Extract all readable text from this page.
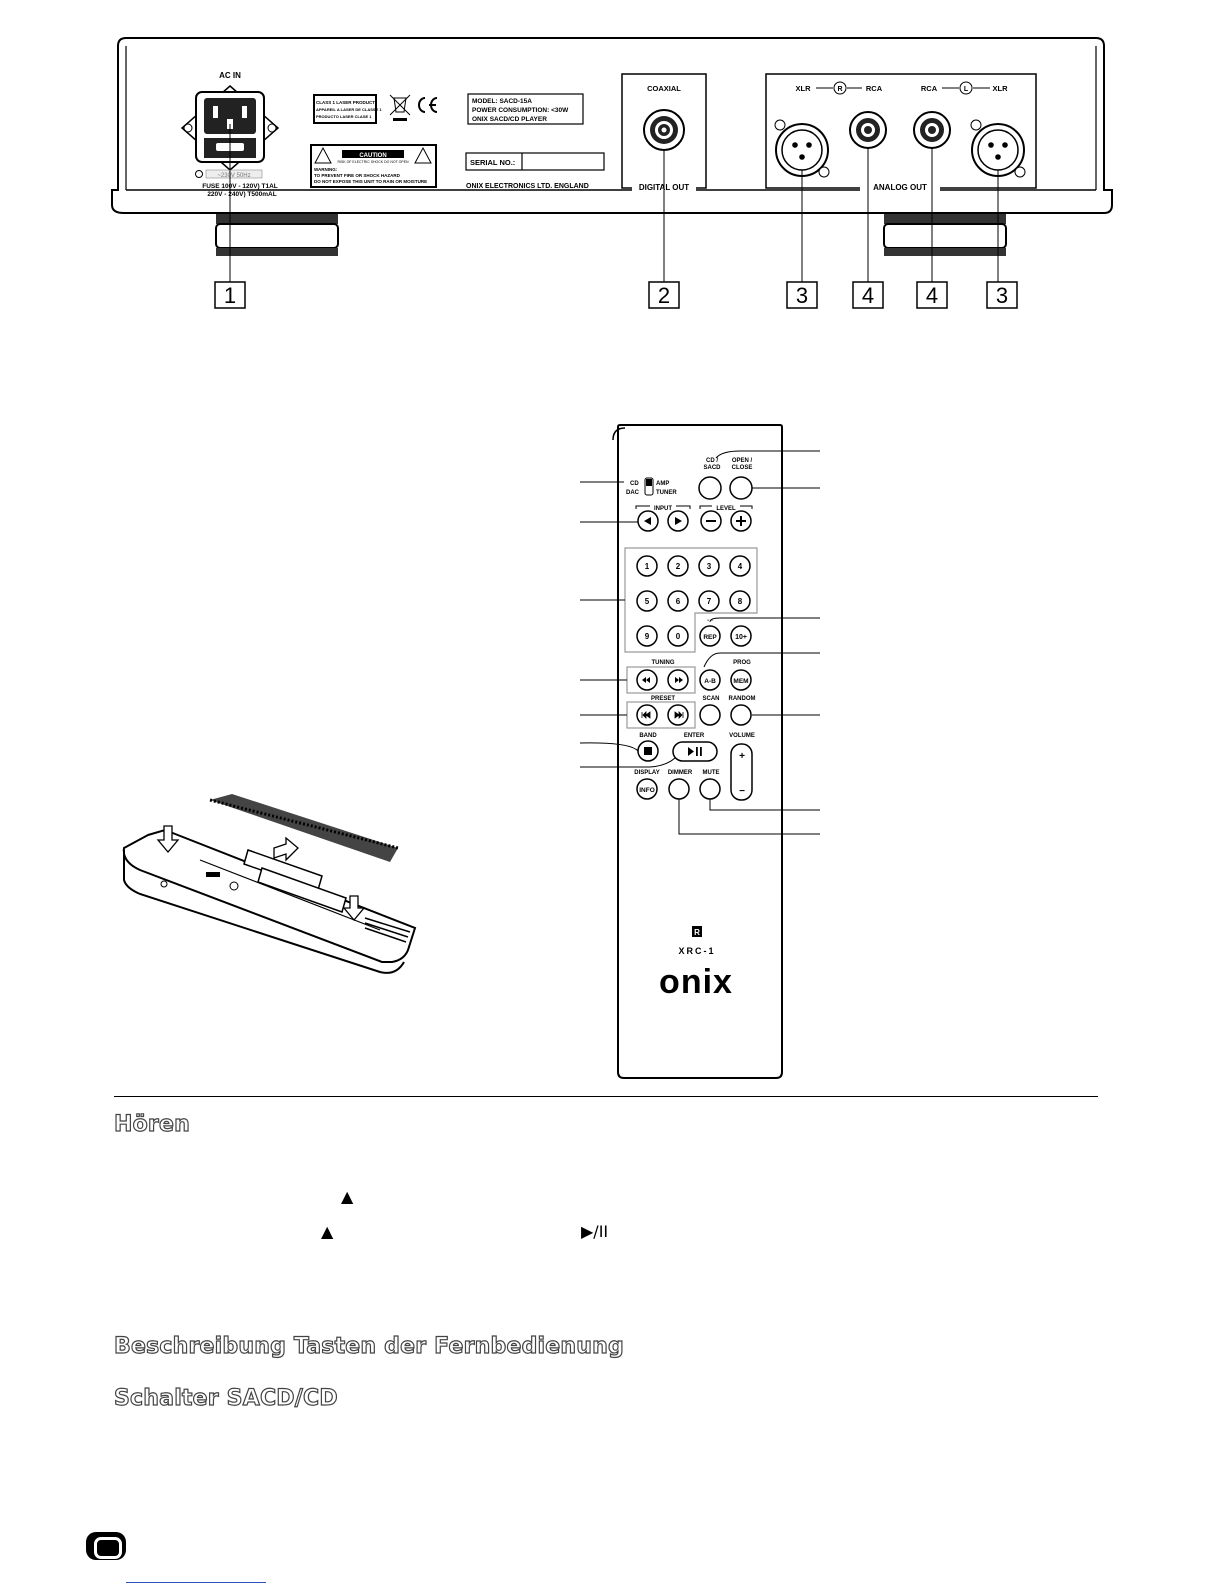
AC IN
~230V 50Hz
FUSE 100V - 120V) T1AL
220V - 240V) T500mAL
CLASS 1 LASER PRODUCT
APPAREIL A LASER DE CLASSE 1
PRODUCTO LASER CLASE 1
CAUTION
RISK OF ELECTRIC SHOCK DO NOT OPEN
WARNING:
TO PREVENT FIRE OR SHOCK HAZARD
DO NOT EXPOSE THIS UNIT TO RAIN OR MOISTURE
MODEL: SACD-15A
POWER CONSUMPTION: <30W
ONIX SACD/CD PLAYER
SERIAL NO.:
ONIX ELECTRONICS LTD. ENGLAND
COAXIAL
DIGITAL OUT	ANALOG OUT
XLR	R	RCA	RCA	L	XLR
1	2	3 4 4	3
CD /
SACD
OPEN /
CLOSE
CD
DAC
AMP
TUNER
INPUT	LEVEL
1	2	3	4
5	6	7	8
9	0
- -
REP	10+
TUNING
A-B
PROG
MEM
PRESET	SCAN RANDOM
BAND	ENTER	VOLUME
+
−
DISPLAY DIMMER MUTE
INFO
R
XRC-1
onix
Hören
▲
▲	▶/II
Beschreibung Tasten der Fernbedienung
Schalter SACD/CD
